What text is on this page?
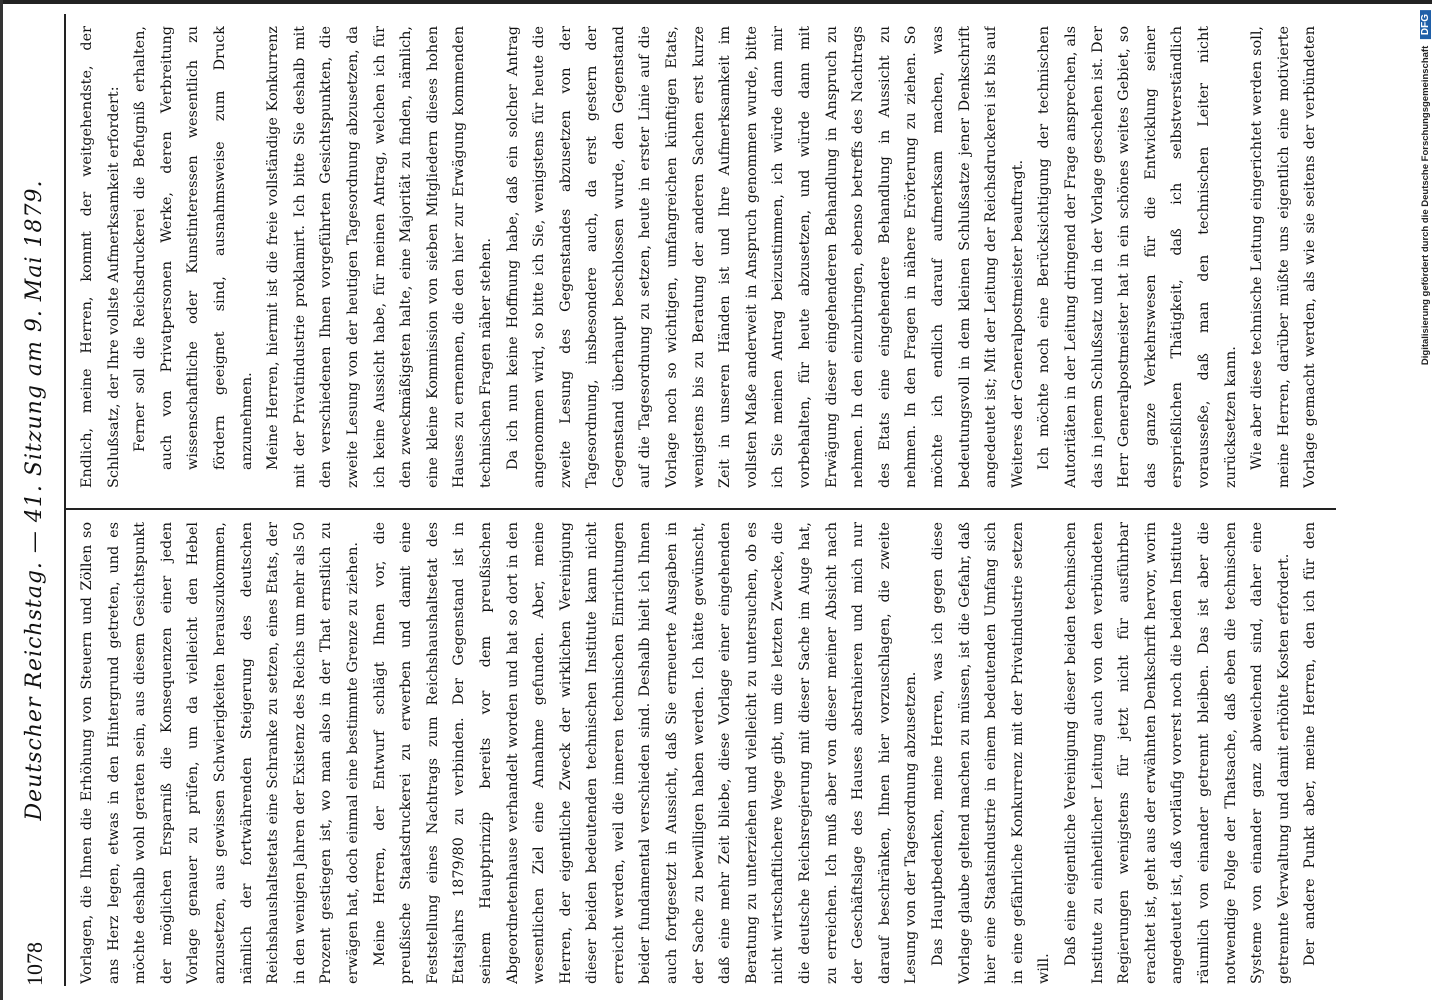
1078
Deutscher Reichstag. — 41. Sitzung am 9. Mai 1879.	Vorlagen, die Ihnen die Erhöhung von Steuern und Zöllen so ans Herz legen, etwas in den Hintergrund getreten, und es möchte deshalb wohl geraten sein, aus diesem Gesichtspunkt der möglichen Ersparniß die Konsequenzen einer jeden Vorlage genauer zu prüfen, um da vielleicht den Hebel anzusetzen, aus gewissen Schwierigkeiten herauszukommen, nämlich der fortwährenden Steigerung des deutschen Reichshaushaltsetats eine Schranke zu setzen, eines Etats, der in den wenigen Jahren der Existenz des Reichs um mehr als 50 Prozent gestiegen ist, wo man also in der That ernstlich zu erwägen hat, doch einmal eine bestimmte Grenze zu ziehen. Meine Herren, der Entwurf schlägt Ihnen vor, die preußische Staatsdruckerei zu erwerben und damit eine Feststellung eines Nachtrags zum Reichshaushaltsetat des Etatsjahrs 1879/80 zu verbinden. Der Gegenstand ist in seinem Hauptprinzip bereits vor dem preußischen Abgeordnetenhause verhandelt worden und hat so dort in den wesentlichen Ziel eine Annahme gefunden. Aber, meine Herren, der eigentliche Zweck der wirklichen Vereinigung dieser beiden bedeutenden technischen Institute kann nicht erreicht werden, weil die inneren technischen Einrichtungen beider fundamental verschieden sind. Deshalb hielt ich Ihnen auch fortgesetzt in Aussicht, daß Sie erneuerte Ausgaben in der Sache zu bewilligen haben werden. Ich hätte gewünscht, daß eine mehr Zeit bliebe, diese Vorlage einer eingehenden Beratung zu unterziehen und vielleicht zu untersuchen, ob es nicht wirtschaftlichere Wege gibt, um die letzten Zwecke, die die deutsche Reichsregierung mit dieser Sache im Auge hat, zu erreichen. Ich muß aber von dieser meiner Absicht nach der Geschäftslage des Hauses abstrahieren und mich nur darauf beschränken, Ihnen hier vorzuschlagen, die zweite Lesung von der Tagesordnung abzusetzen. Das Hauptbedenken, meine Herren, was ich gegen diese Vorlage glaube geltend machen zu müssen, ist die Gefahr, daß hier eine Staatsindustrie in einem bedeutenden Umfang sich in eine gefährliche Konkurrenz mit der Privatindustrie setzen will.

Daß eine eigentliche Vereinigung dieser beiden technischen Institute zu einheitlicher Leitung auch von den verbündeten Regierungen wenigstens für jetzt nicht für ausführbar erachtet ist, geht aus der erwähnten Denkschrift hervor, worin angedeutet ist, daß vorläufig vorerst noch die beiden Institute räumlich von einander getrennt bleiben. Das ist aber die notwendige Folge der Thatsache, daß eben die technischen Systeme von einander ganz abweichend sind, daher eine getrennte Verwaltung und damit erhöhte Kosten erfordert. Der andere Punkt aber, meine Herren, den ich für den

Endlich, meine Herren, kommt der weitgehendste, der Schlußsatz, der Ihre vollste Aufmerksamkeit erfordert: Ferner soll die Reichsdruckerei die Befugniß erhalten, auch von Privatpersonen Werke, deren Verbreitung wissenschaftliche oder Kunstinteressen wesentlich zu fördern geeignet sind, ausnahmsweise zum Druck anzunehmen. Meine Herren, hiermit ist die freie vollständige Konkurrenz mit der Privatindustrie proklamirt. Ich bitte Sie deshalb mit den verschiedenen Ihnen vorgeführten Gesichtspunkten, die zweite Lesung von der heutigen Tagesordnung abzusetzen, da ich keine Aussicht habe, für meinen Antrag, welchen ich für den zweckmäßigsten halte, eine Majorität zu finden, nämlich, eine kleine Kommission von sieben Mitgliedern dieses hohen Hauses zu ernennen, die den hier zur Erwägung kommenden technischen Fragen näher stehen. Da ich nun keine Hoffnung habe, daß ein solcher Antrag angenommen wird, so bitte ich Sie, wenigstens für heute die zweite Lesung des Gegenstandes abzusetzen von der Tagesordnung, insbesondere auch, da erst gestern der Gegenstand überhaupt beschlossen wurde, den Gegenstand auf die Tagesordnung zu setzen, heute in erster Linie auf die Vorlage noch so wichtigen, umfangreichen künftigen Etats, wenigstens bis zu Beratung der anderen Sachen erst kurze Zeit in unseren Händen ist und Ihre Aufmerksamkeit im vollsten Maße anderweit in Anspruch genommen wurde, bitte ich Sie meinen Antrag beizustimmen, ich würde dann mir vorbehalten, für heute abzusetzen, und würde dann mit Erwägung dieser eingehenderen Behandlung in Anspruch zu nehmen. In den einzubringen, ebenso betreffs des Nachtrags des Etats eine eingehendere Behandlung in Aussicht zu nehmen. In den Fragen in nähere Erörterung zu ziehen. So möchte ich endlich darauf aufmerksam machen, was bedeutungsvoll in dem kleinen Schlußsatze jener Denkschrift angedeutet ist; Mit der Leitung der Reichsdruckerei ist bis auf Weiteres der Generalpostmeister beauftragt. Ich möchte noch eine Berücksichtigung der technischen Autoritäten in der Leitung dringend der Frage ansprechen, als das in jenem Schlußsatz und in der Vorlage geschehen ist. Der Herr Generalpostmeister hat in ein schönes weites Gebiet, so das ganze Verkehrswesen für die Entwicklung seiner ersprießlichen Thätigkeit, daß ich selbstverständlich vorausseße, daß man den technischen Leiter nicht zurücksetzen kann. Wie aber diese technische Leitung eingerichtet werden soll, meine Herren, darüber müßte uns eigentlich eine motivierte Vorlage gemacht werden, als wie sie seitens der verbündeten	Digitalisierung gefördert durch die Deutsche Forschungsgemeinschaft DFG
